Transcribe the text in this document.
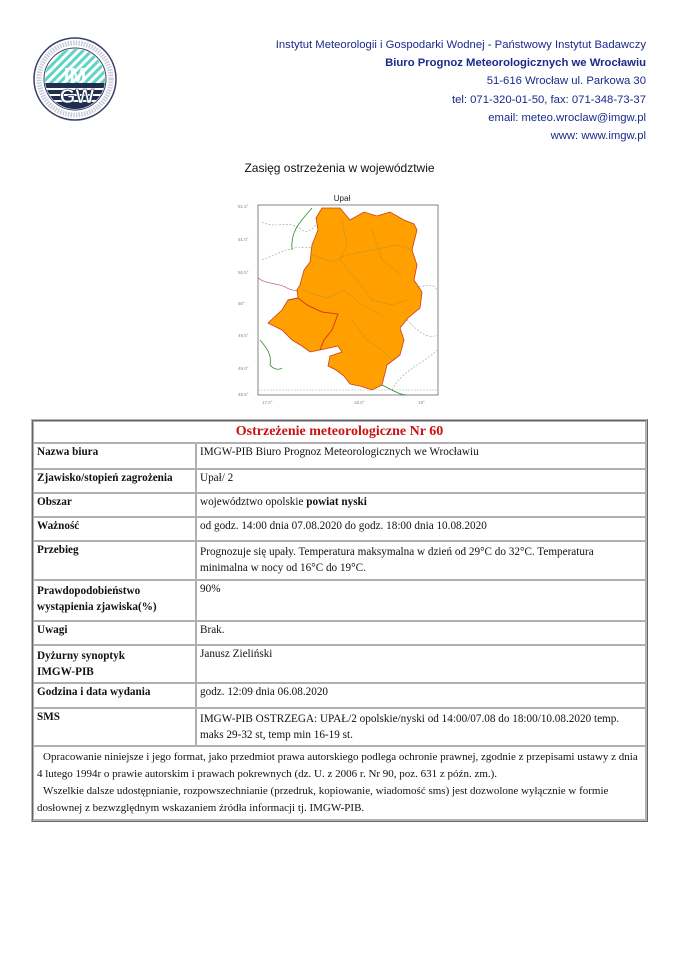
IM
GW
Instytut Meteorologii i Gospodarki Wodnej - Państwowy Instytut Badawczy
Biuro Prognoz Meteorologicznych we Wrocławiu
51-616 Wrocław ul. Parkowa 30
tel: 071-320-01-50, fax: 071-348-73-37
email: meteo.wroclaw@imgw.pl
www: www.imgw.pl
Zasięg ostrzeżenia w województwie
Upał
51.5°
51.0°
50.5°
50°
49.5°
49.0°
48.5°
17.0°	18.0°	19°
Ostrzeżenie meteorologiczne Nr 60	
Nazwa biura	IMGW-PIB Biuro Prognoz Meteorologicznych we Wrocławiu
Zjawisko/stopień zagrożenia	Upał/ 2
Obszar	województwo opolskie powiat nyski
Ważność	od godz. 14:00 dnia 07.08.2020 do godz. 18:00 dnia 10.08.2020
Przebieg	Prognozuje się upały. Temperatura maksymalna w dzień od 29°C do 32°C. Temperatura minimalna w nocy od 16°C do 19°C.
Prawdopodobieństwo wystąpienia zjawiska(%)	90%
Uwagi	Brak.
Dyżurny synoptyk
IMGW-PIB	Janusz Zieliński
Godzina i data wydania	godz. 12:09 dnia 06.08.2020
SMS	IMGW-PIB OSTRZEGA: UPAŁ/2 opolskie/nyski od 14:00/07.08 do 18:00/10.08.2020 temp. maks 29-32 st, temp min 16-19 st.

Opracowanie niniejsze i jego format, jako przedmiot prawa autorskiego podlega ochronie prawnej, zgodnie z przepisami ustawy z dnia 4 lutego 1994r o prawie autorskim i prawach pokrewnych (dz. U. z 2006 r. Nr 90, poz. 631 z późn. zm.).
Wszelkie dalsze udostępnianie, rozpowszechnianie (przedruk, kopiowanie, wiadomość sms) jest dozwolone wyłącznie w formie dosłownej z bezwzględnym wskazaniem źródła informacji tj. IMGW-PIB.	
